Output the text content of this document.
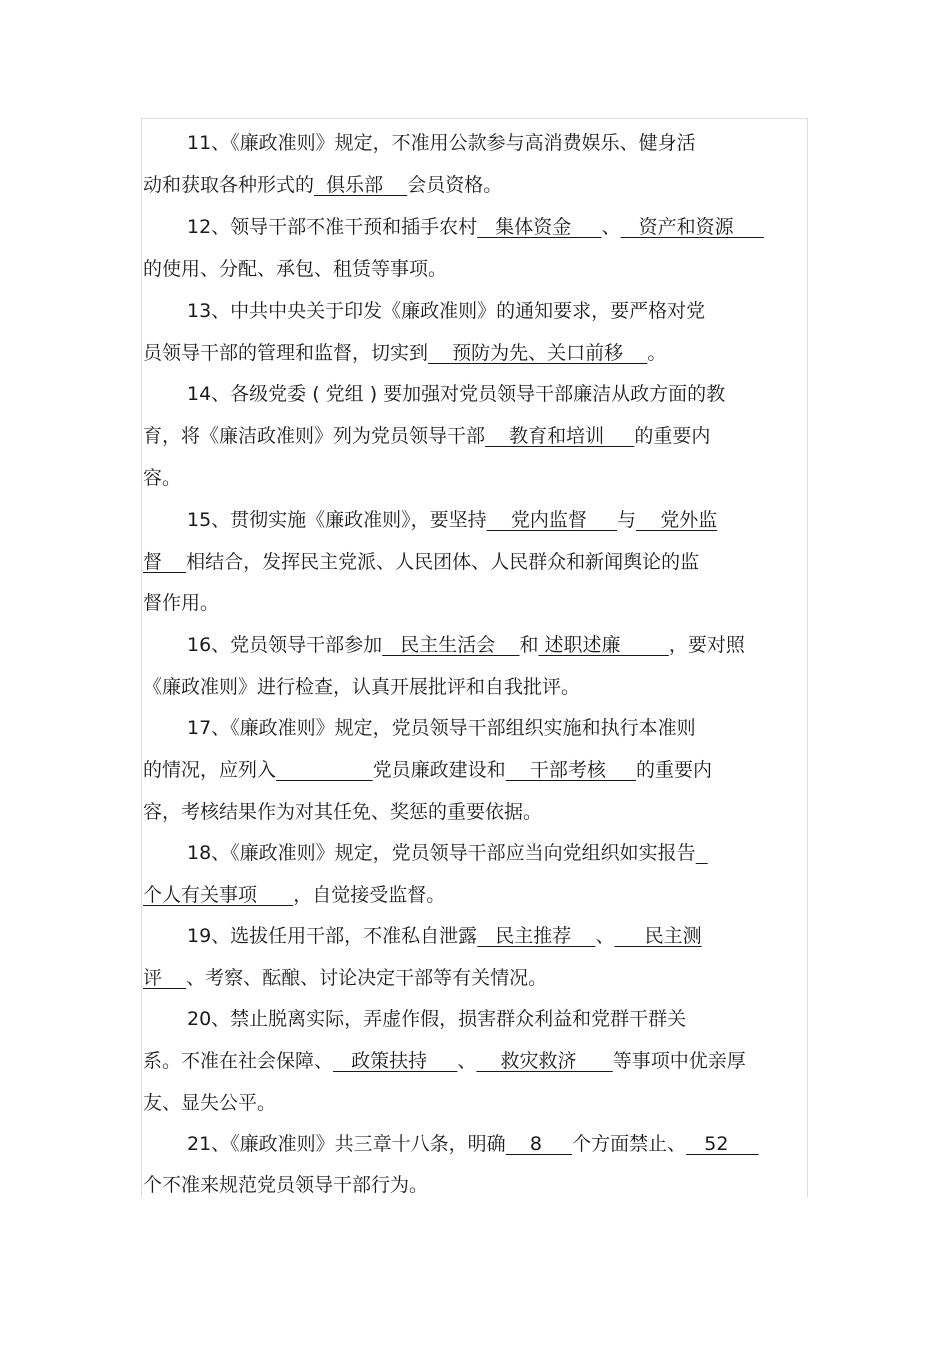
11、《廉政准则》规定，不准用公款参与高消费娱乐、健身活
动和获取各种形式的  俱乐部    会员资格。
12、领导干部不准干预和插手农村   集体资金     、   资产和资源
的使用、分配、承包、租赁等事项。
13、中共中央关于印发《廉政准则》的通知要求，要严格对党
员领导干部的管理和监督，切实到    预防为先、关口前移    。
14、各级党委 ( 党组 ) 要加强对党员领导干部廉洁从政方面的教
育，将《廉洁政准则》列为党员领导干部    教育和培训     的重要内
容。
15、贯彻实施《廉政准则》，要坚持    党内监督     与    党外监
督    相结合，发挥民主党派、人民团体、人民群众和新闻舆论的监
督作用。
16、党员领导干部参加   民主生活会    和 述职述廉        ，要对照
《廉政准则》进行检查，认真开展批评和自我批评。
17、《廉政准则》规定，党员领导干部组织实施和执行本准则
的情况，应列入	党员廉政建设和    干部考核     的重要内
容，考核结果作为对其任免、奖惩的重要依据。
18、《廉政准则》规定，党员领导干部应当向党组织如实报告
个人有关事项      ，自觉接受监督。
19、选拔任用干部，不准私自泄露   民主推荐    、     民主测
评    、考察、酝酿、讨论决定干部等有关情况。
20、禁止脱离实际，弄虚作假，损害群众利益和党群干群关
系。不准在社会保障、   政策扶持     、    救灾救济      等事项中优亲厚
友、显失公平。
21、《廉政准则》共三章十八条，明确    8     个方面禁止、   52
个不准来规范党员领导干部行为。
